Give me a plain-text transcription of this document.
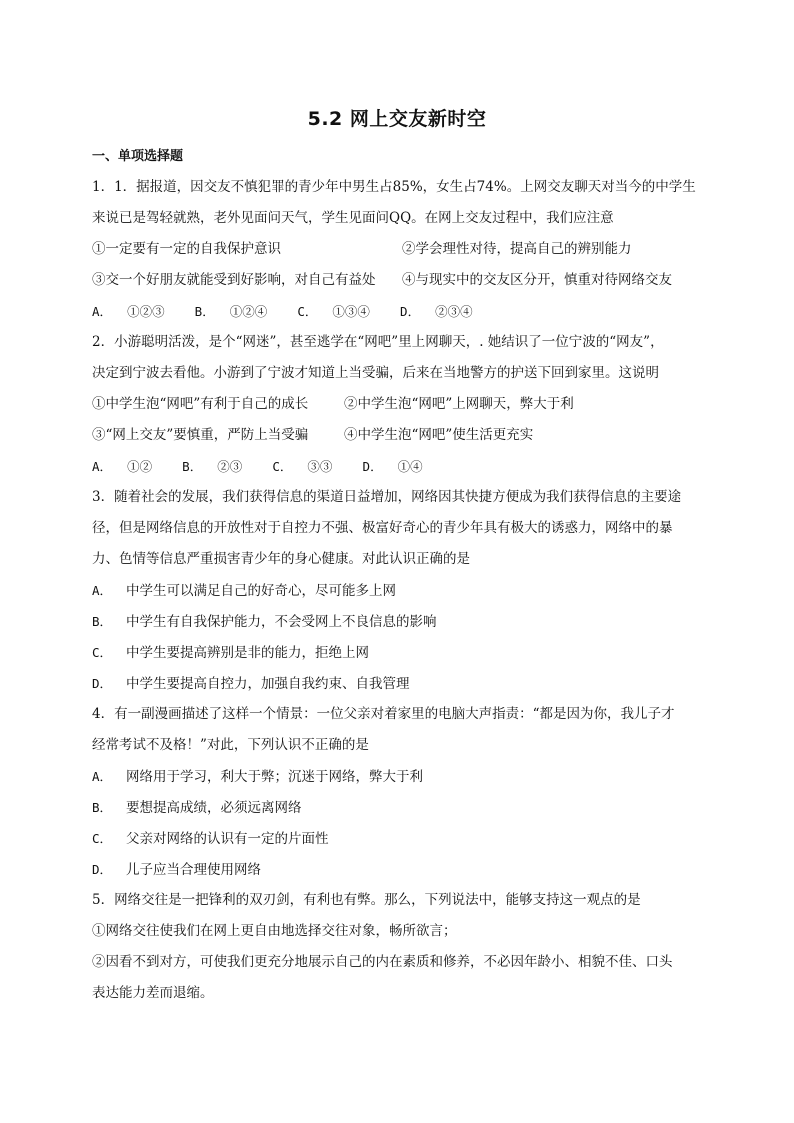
5.2 网上交友新时空
一、单项选择题
1．1．据报道，因交友不慎犯罪的青少年中男生占85%，女生占74%。上网交友聊天对当今的中学生
来说已是驾轻就熟，老外见面问天气，学生见面问QQ。在网上交友过程中，我们应注意
①一定要有一定的自我保护意识	②学会理性对待，提高自己的辨别能力
③交一个好朋友就能受到好影响，对自己有益处 ④与现实中的交友区分开，慎重对待网络交友
A．  ①②③    B．  ①②④    C．  ①③④    D．  ②③④
2．小游聪明活泼，是个“网迷”，甚至逃学在“网吧”里上网聊天，. 她结识了一位宁波的“网友”，
决定到宁波去看他。小游到了宁波才知道上当受骗，后来在当地警方的护送下回到家里。这说明
①中学生泡“网吧”有利于自己的成长	②中学生泡“网吧”上网聊天，弊大于利
③“网上交友”要慎重，严防上当受骗	④中学生泡“网吧”使生活更充实
A．  ①②    B．  ②③    C．  ③③    D．  ①④
3．随着社会的发展，我们获得信息的渠道日益增加，网络因其快捷方便成为我们获得信息的主要途
径，但是网络信息的开放性对于自控力不强、极富好奇心的青少年具有极大的诱惑力，网络中的暴
力、色情等信息严重损害青少年的身心健康。对此认识正确的是
A． 中学生可以满足自己的好奇心，尽可能多上网
B． 中学生有自我保护能力，不会受网上不良信息的影响
C． 中学生要提高辨别是非的能力，拒绝上网
D． 中学生要提高自控力，加强自我约束、自我管理
4．有一副漫画描述了这样一个情景：一位父亲对着家里的电脑大声指责：“都是因为你，我儿子才
经常考试不及格！”对此，下列认识不正确的是
A． 网络用于学习，利大于弊；沉迷于网络，弊大于利
B． 要想提高成绩，必须远离网络
C． 父亲对网络的认识有一定的片面性
D． 儿子应当合理使用网络
5．网络交往是一把锋利的双刃剑，有利也有弊。那么，下列说法中，能够支持这一观点的是
①网络交往使我们在网上更自由地选择交往对象，畅所欲言；
②因看不到对方，可使我们更充分地展示自己的内在素质和修养，不必因年龄小、相貌不佳、口头
表达能力差而退缩。
